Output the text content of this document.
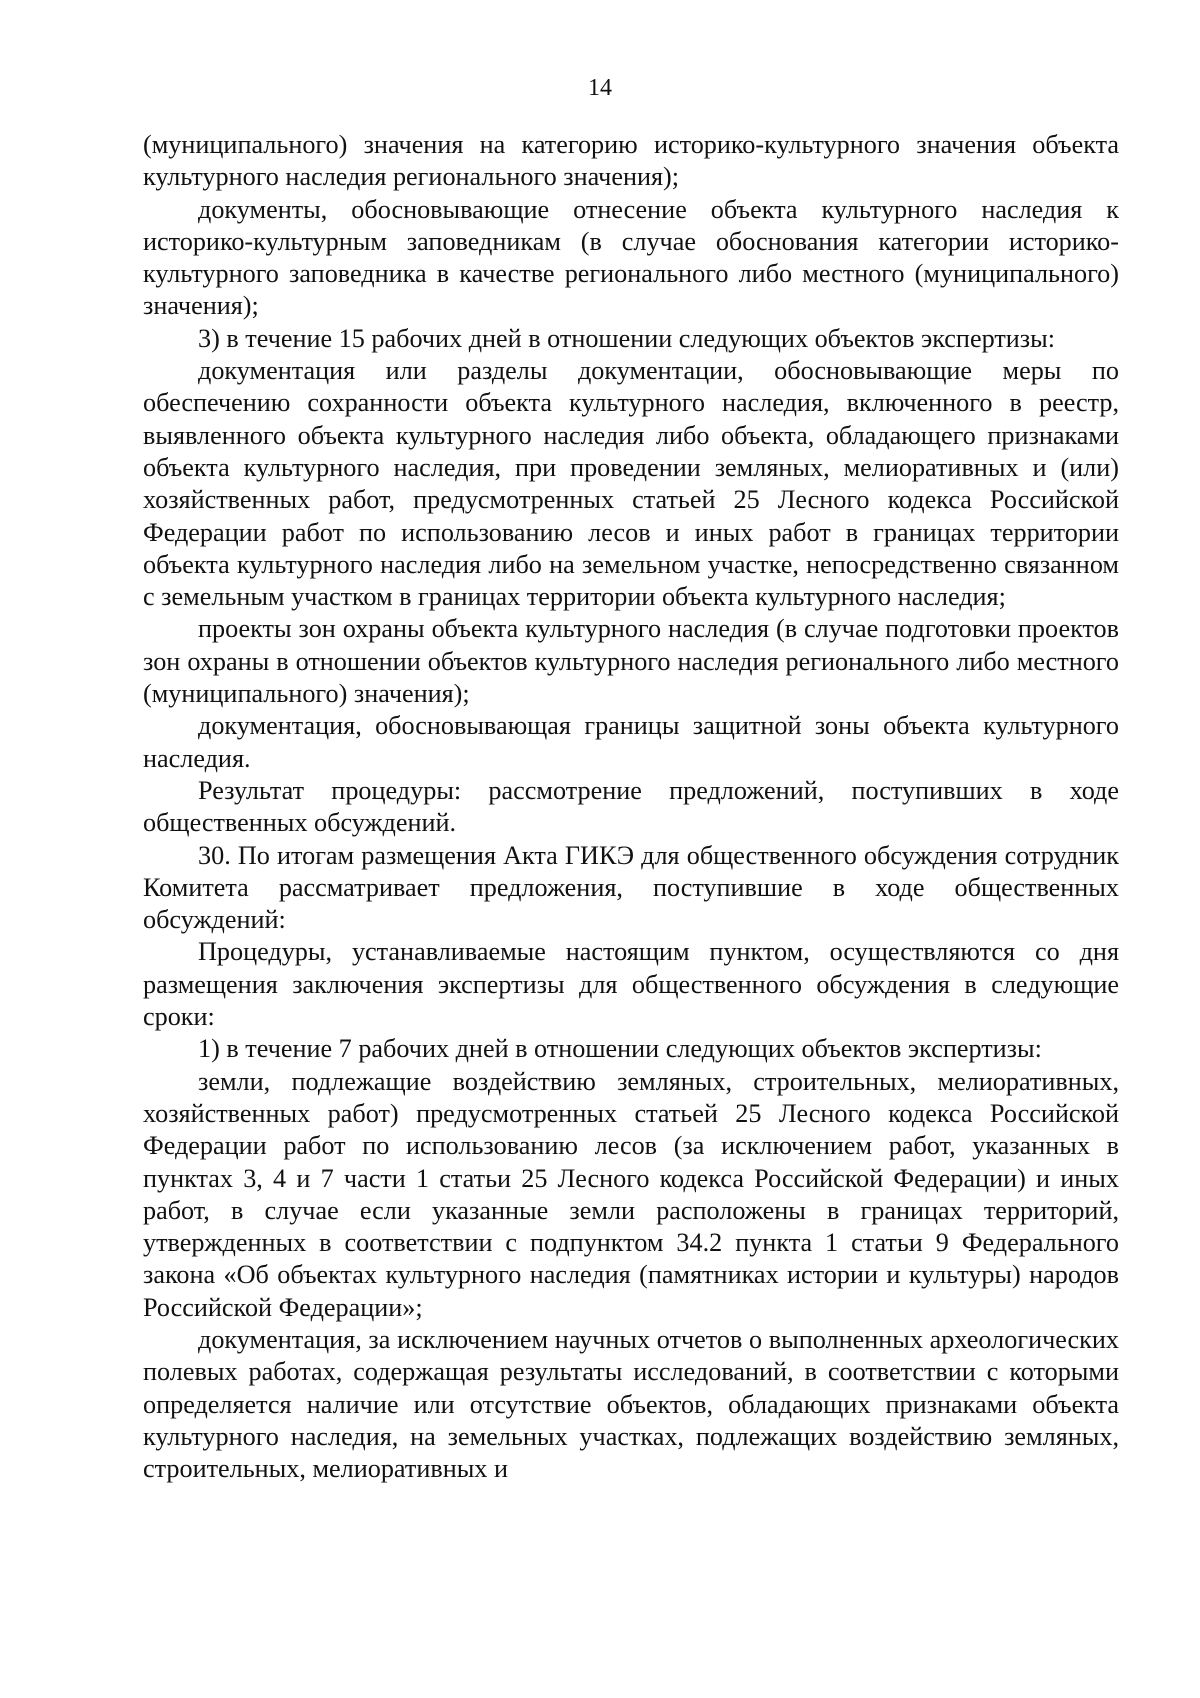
14

(муниципального) значения на категорию историко-культурного значения объекта культурного наследия регионального значения);

документы, обосновывающие отнесение объекта культурного наследия к историко-культурным заповедникам (в случае обоснования категории историко-культурного заповедника в качестве регионального либо местного (муниципального) значения);

3) в течение 15 рабочих дней в отношении следующих объектов экспертизы:

документация или разделы документации, обосновывающие меры по обеспечению сохранности объекта культурного наследия, включенного в реестр, выявленного объекта культурного наследия либо объекта, обладающего признаками объекта культурного наследия, при проведении земляных, мелиоративных и (или) хозяйственных работ, предусмотренных статьей 25 Лесного кодекса Российской Федерации работ по использованию лесов и иных работ в границах территории объекта культурного наследия либо на земельном участке, непосредственно связанном с земельным участком в границах территории объекта культурного наследия;

проекты зон охраны объекта культурного наследия (в случае подготовки проектов зон охраны в отношении объектов культурного наследия регионального либо местного (муниципального) значения);

документация, обосновывающая границы защитной зоны объекта культурного наследия.

Результат процедуры: рассмотрение предложений, поступивших в ходе общественных обсуждений.

30. По итогам размещения Акта ГИКЭ для общественного обсуждения сотрудник Комитета рассматривает предложения, поступившие в ходе общественных обсуждений:

Процедуры, устанавливаемые настоящим пунктом, осуществляются со дня размещения заключения экспертизы для общественного обсуждения в следующие сроки:

1) в течение 7 рабочих дней в отношении следующих объектов экспертизы:

земли, подлежащие воздействию земляных, строительных, мелиоративных, хозяйственных работ) предусмотренных статьей 25 Лесного кодекса Российской Федерации работ по использованию лесов (за исключением работ, указанных в пунктах 3, 4 и 7 части 1 статьи 25 Лесного кодекса Российской Федерации) и иных работ, в случае если указанные земли расположены в границах территорий, утвержденных в соответствии с подпунктом 34.2 пункта 1 статьи 9 Федерального закона «Об объектах культурного наследия (памятниках истории и культуры) народов Российской Федерации»;

документация, за исключением научных отчетов о выполненных археологических полевых работах, содержащая результаты исследований, в соответствии с которыми определяется наличие или отсутствие объектов, обладающих признаками объекта культурного наследия, на земельных участках, подлежащих воздействию земляных, строительных, мелиоративных и
